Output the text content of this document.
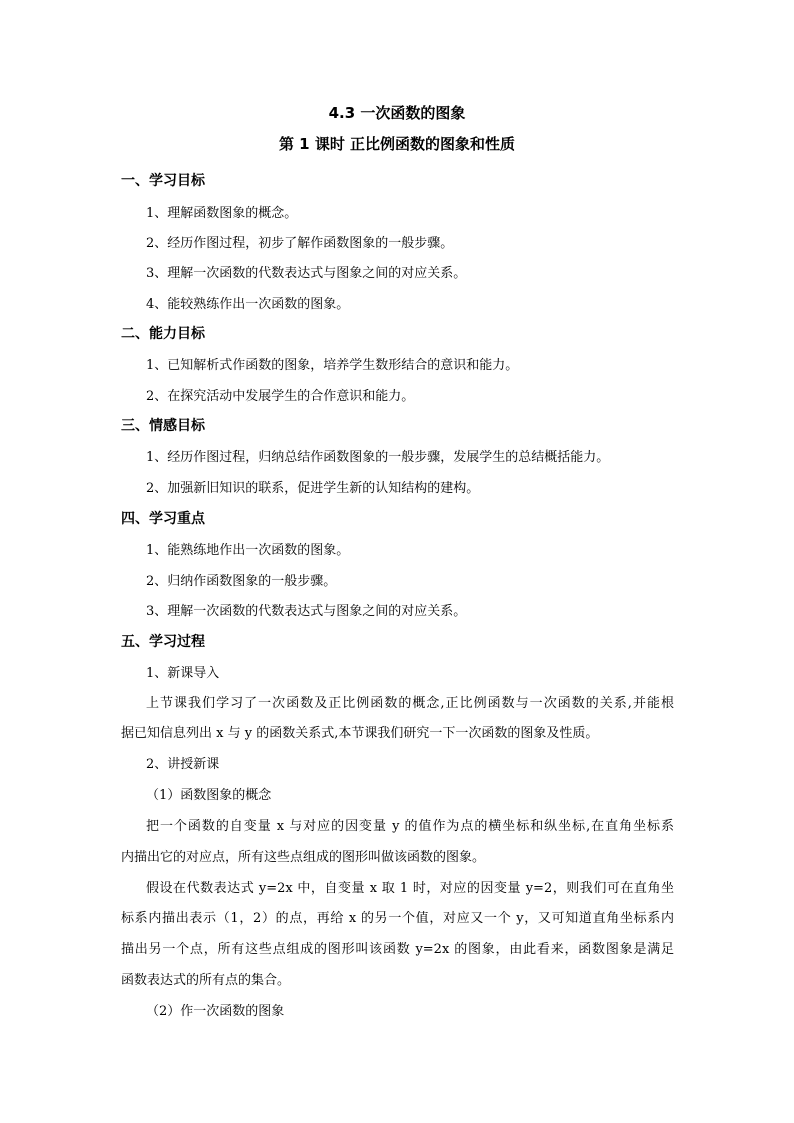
4.3 一次函数的图象
第 1 课时 正比例函数的图象和性质
一、学习目标
1、理解函数图象的概念。
2、经历作图过程，初步了解作函数图象的一般步骤。
3、理解一次函数的代数表达式与图象之间的对应关系。
4、能较熟练作出一次函数的图象。
二、能力目标
1、已知解析式作函数的图象，培养学生数形结合的意识和能力。
2、在探究活动中发展学生的合作意识和能力。
三、情感目标
1、经历作图过程，归纳总结作函数图象的一般步骤，发展学生的总结概括能力。
2、加强新旧知识的联系，促进学生新的认知结构的建构。
四、学习重点
1、能熟练地作出一次函数的图象。
2、归纳作函数图象的一般步骤。
3、理解一次函数的代数表达式与图象之间的对应关系。
五、学习过程
1、新课导入
上节课我们学习了一次函数及正比例函数的概念,正比例函数与一次函数的关系,并能根
据已知信息列出 x 与 y 的函数关系式,本节课我们研究一下一次函数的图象及性质。
2、讲授新课
（1）函数图象的概念
把一个函数的自变量 x 与对应的因变量 y 的值作为点的横坐标和纵坐标,在直角坐标系
内描出它的对应点，所有这些点组成的图形叫做该函数的图象。
假设在代数表达式 y=2x 中，自变量 x 取 1 时，对应的因变量 y=2，则我们可在直角坐
标系内描出表示（1，2）的点，再给 x 的另一个值，对应又一个 y，又可知道直角坐标系内
描出另一个点，所有这些点组成的图形叫该函数 y=2x 的图象，由此看来，函数图象是满足
函数表达式的所有点的集合。
（2）作一次函数的图象
